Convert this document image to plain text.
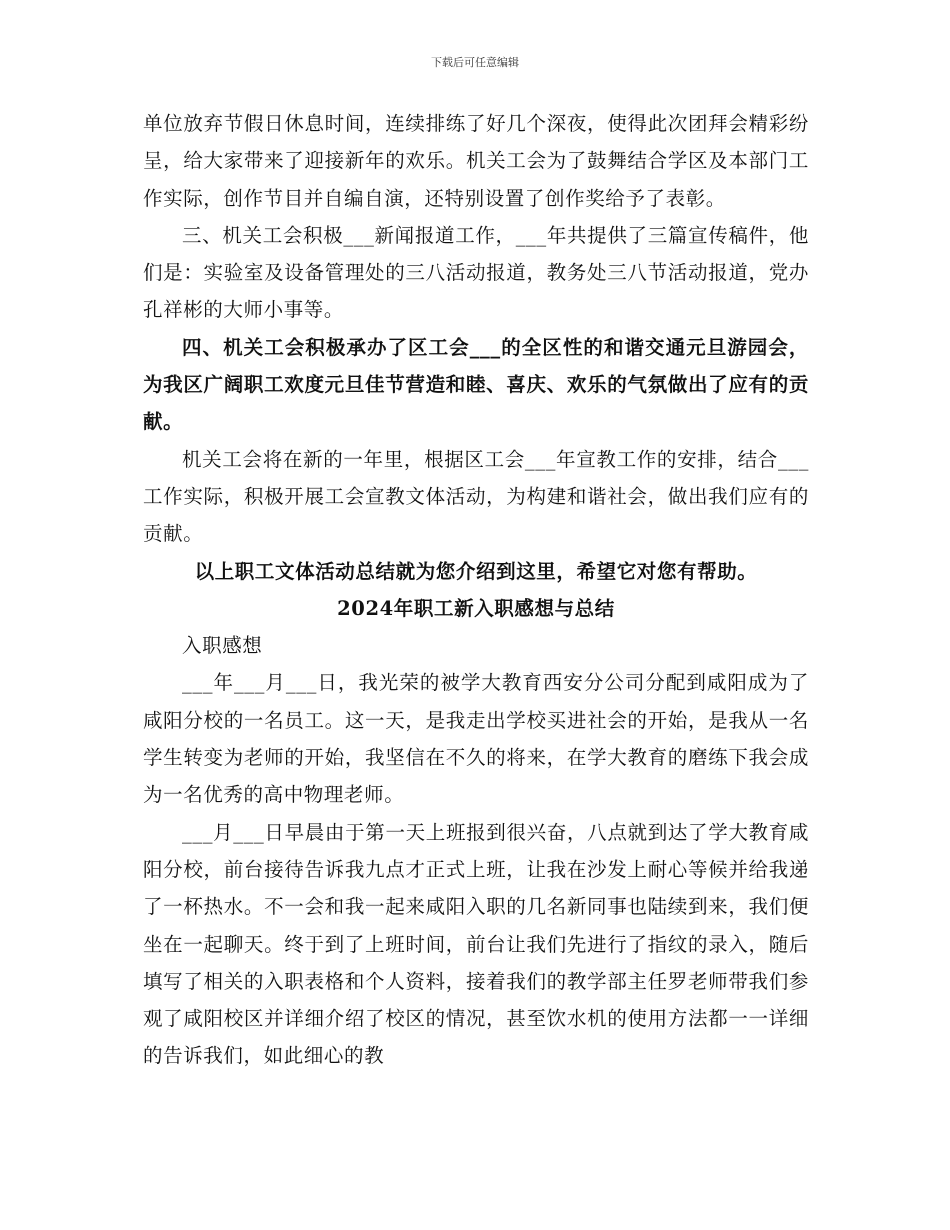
下载后可任意编辑

单位放弃节假日休息时间，连续排练了好几个深夜，使得此次团拜会精彩纷呈，给大家带来了迎接新年的欢乐。机关工会为了鼓舞结合学区及本部门工作实际，创作节目并自编自演，还特别设置了创作奖给予了表彰。

三、机关工会积极___新闻报道工作，___年共提供了三篇宣传稿件，他们是：实验室及设备管理处的三八活动报道，教务处三八节活动报道，党办孔祥彬的大师小事等。

四、机关工会积极承办了区工会___的全区性的和谐交通元旦游园会，为我区广阔职工欢度元旦佳节营造和睦、喜庆、欢乐的气氛做出了应有的贡献。

机关工会将在新的一年里，根据区工会___年宣教工作的安排，结合___工作实际，积极开展工会宣教文体活动，为构建和谐社会，做出我们应有的贡献。

以上职工文体活动总结就为您介绍到这里，希望它对您有帮助。

2024年职工新入职感想与总结

入职感想

___年___月___日，我光荣的被学大教育西安分公司分配到咸阳成为了咸阳分校的一名员工。这一天，是我走出学校买进社会的开始，是我从一名学生转变为老师的开始，我坚信在不久的将来，在学大教育的磨练下我会成为一名优秀的高中物理老师。

___月___日早晨由于第一天上班报到很兴奋，八点就到达了学大教育咸阳分校，前台接待告诉我九点才正式上班，让我在沙发上耐心等候并给我递了一杯热水。不一会和我一起来咸阳入职的几名新同事也陆续到来，我们便坐在一起聊天。终于到了上班时间，前台让我们先进行了指纹的录入，随后填写了相关的入职表格和个人资料，接着我们的教学部主任罗老师带我们参观了咸阳校区并详细介绍了校区的情况，甚至饮水机的使用方法都一一详细的告诉我们，如此细心的教
